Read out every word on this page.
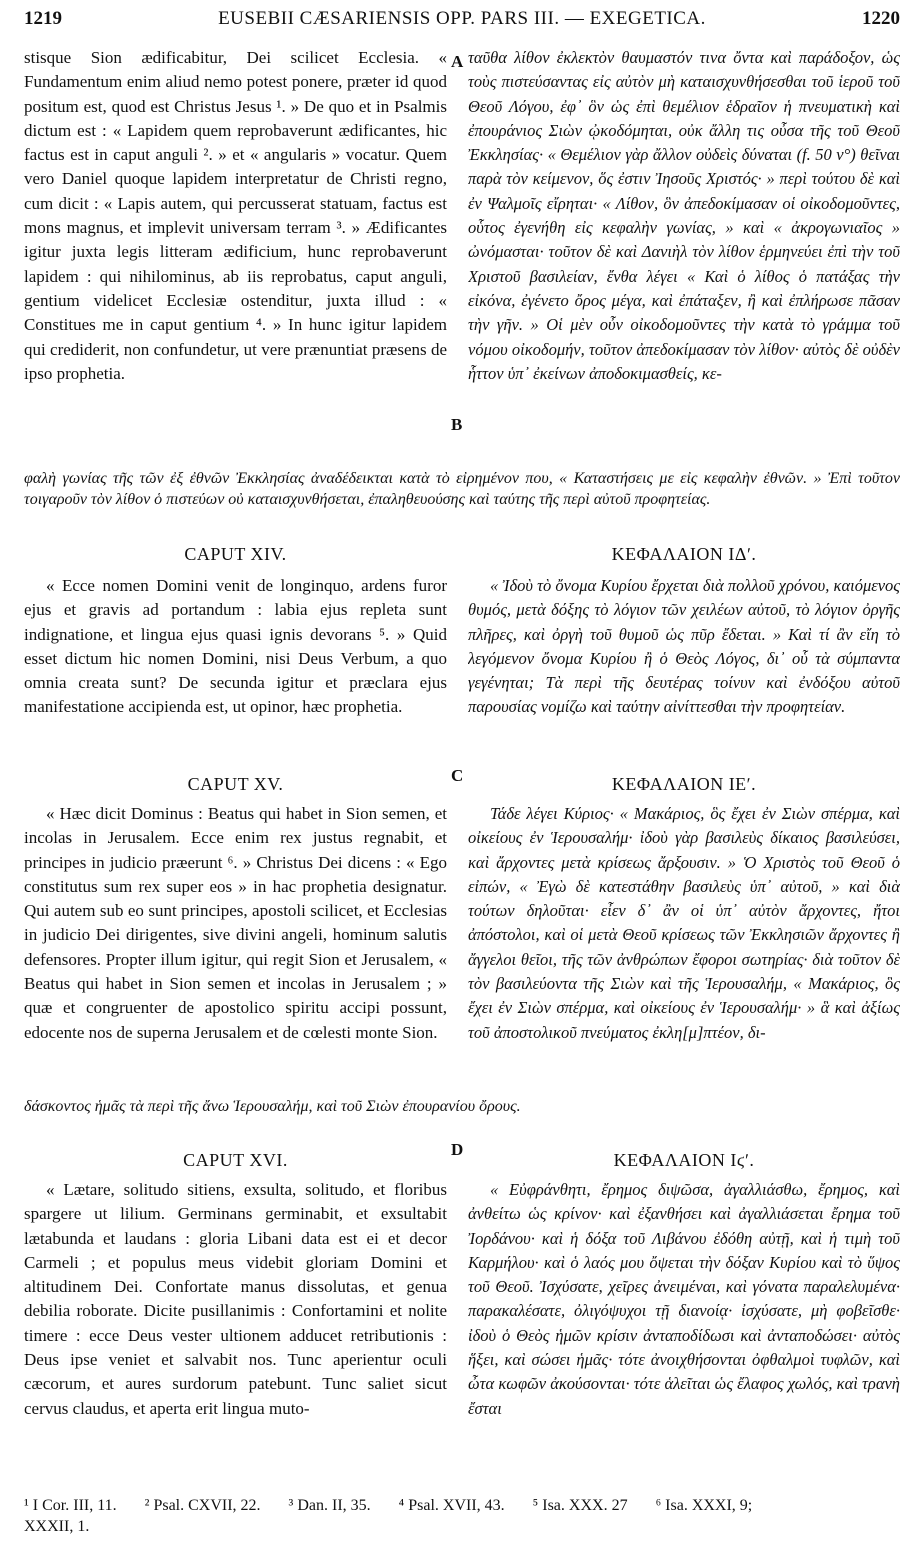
1219	EUSEBII CÆSARIENSIS OPP. PARS III. — EXEGETICA.	1220

stisque Sion ædificabitur, Dei scilicet Ecclesia. « Fundamentum enim aliud nemo potest ponere, præter id quod positum est, quod est Christus Jesus ¹. » De quo et in Psalmis dictum est : « Lapidem quem reprobaverunt ædificantes, hic factus est in caput anguli ². » et « angularis » vocatur. Quem vero Daniel quoque lapidem interpretatur de Christi regno, cum dicit : « Lapis autem, qui percusserat statuam, factus est mons magnus, et implevit universam terram ³. » Ædificantes igitur juxta legis litteram ædificium, hunc reprobaverunt lapidem : qui nihilominus, ab iis reprobatus, caput anguli, gentium videlicet Ecclesiæ ostenditur, juxta illud : « Constitues me in caput gentium ⁴. » In hunc igitur lapidem qui crediderit, non confundetur, ut vere prænuntiat præsens de ipso prophetia.

ταῦθα λίθον ἐκλεκτὸν θαυμαστόν τινα ὄντα καὶ παράδοξον, ὡς τοὺς πιστεύσαντας εἰς αὐτὸν μὴ καταισχυνθήσεσθαι τοῦ ἱεροῦ τοῦ Θεοῦ Λόγου, ἐφ᾽ ὃν ὡς ἐπὶ θεμέλιον ἑδραῖον ἡ πνευματικὴ καὶ ἐπουράνιος Σιὼν ᾠκοδόμηται, οὐκ ἄλλη τις οὖσα τῆς τοῦ Θεοῦ Ἐκκλησίας· « Θεμέλιον γὰρ ἄλλον οὐδεὶς δύναται (f. 50 v°) θεῖναι παρὰ τὸν κείμενον, ὅς ἐστιν Ἰησοῦς Χριστός· » περὶ τούτου δὲ καὶ ἐν Ψαλμοῖς εἴρηται· « Λίθον, ὃν ἀπεδοκίμασαν οἱ οἰκοδομοῦντες, οὗτος ἐγενήθη εἰς κεφαλὴν γωνίας, » καὶ « ἀκρογωνιαῖος » ὠνόμασται· τοῦτον δὲ καὶ Δανιὴλ τὸν λίθον ἑρμηνεύει ἐπὶ τὴν τοῦ Χριστοῦ βασιλείαν, ἔνθα λέγει « Καὶ ὁ λίθος ὁ πατάξας τὴν εἰκόνα, ἐγένετο ὄρος μέγα, καὶ ἐπάταξεν, ἢ καὶ ἐπλήρωσε πᾶσαν τὴν γῆν. » Οἱ μὲν οὖν οἰκοδομοῦντες τὴν κατὰ τὸ γράμμα τοῦ νόμου οἰκοδομήν, τοῦτον ἀπεδοκίμασαν τὸν λίθον· αὐτὸς δὲ οὐδὲν ἧττον ὑπ᾽ ἐκείνων ἀποδοκιμασθείς, κε-

φαλὴ γωνίας τῆς τῶν ἐξ ἐθνῶν Ἐκκλησίας ἀναδέδεικται κατὰ τὸ εἰρημένον που, « Καταστήσεις με εἰς κεφαλὴν ἐθνῶν. » Ἐπὶ τοῦτον τοιγαροῦν τὸν λίθον ὁ πιστεύων οὐ καταισχυνθήσεται, ἐπαληθευούσης καὶ ταύτης τῆς περὶ αὐτοῦ προφητείας.

CAPUT XIV.	ΚΕΦΑΛΑΙΟΝ ΙΔʹ.

« Ecce nomen Domini venit de longinquo, ardens furor ejus et gravis ad portandum : labia ejus repleta sunt indignatione, et lingua ejus quasi ignis devorans ⁵. » Quid esset dictum hic nomen Domini, nisi Deus Verbum, a quo omnia creata sunt? De secunda igitur et præclara ejus manifestatione accipienda est, ut opinor, hæc prophetia.

« Ἰδοὺ τὸ ὄνομα Κυρίου ἔρχεται διὰ πολλοῦ χρόνου, καιόμενος θυμός, μετὰ δόξης τὸ λόγιον τῶν χειλέων αὐτοῦ, τὸ λόγιον ὀργῆς πλῆρες, καὶ ὀργὴ τοῦ θυμοῦ ὡς πῦρ ἔδεται. » Καὶ τί ἂν εἴη τὸ λεγόμενον ὄνομα Κυρίου ἢ ὁ Θεὸς Λόγος, δι᾽ οὗ τὰ σύμπαντα γεγένηται; Τὰ περὶ τῆς δευτέρας τοίνυν καὶ ἐνδόξου αὐτοῦ παρουσίας νομίζω καὶ ταύτην αἰνίττεσθαι τὴν προφητείαν.

CAPUT XV.	ΚΕΦΑΛΑΙΟΝ ΙΕʹ.

« Hæc dicit Dominus : Beatus qui habet in Sion semen, et incolas in Jerusalem. Ecce enim rex justus regnabit, et principes in judicio præerunt ⁶. » Christus Dei dicens : « Ego constitutus sum rex super eos » in hac prophetia designatur. Qui autem sub eo sunt principes, apostoli scilicet, et Ecclesias in judicio Dei dirigentes, sive divini angeli, hominum salutis defensores. Propter illum igitur, qui regit Sion et Jerusalem, « Beatus qui habet in Sion semen et incolas in Jerusalem ; » quæ et congruenter de apostolico spiritu accipi possunt, edocente nos de superna Jerusalem et de cœlesti monte Sion.

Τάδε λέγει Κύριος· « Μακάριος, ὃς ἔχει ἐν Σιὼν σπέρμα, καὶ οἰκείους ἐν Ἱερουσαλήμ· ἰδοὺ γὰρ βασιλεὺς δίκαιος βασιλεύσει, καὶ ἄρχοντες μετὰ κρίσεως ἄρξουσιν. » Ὁ Χριστὸς τοῦ Θεοῦ ὁ εἰπών, « Ἐγὼ δὲ κατεστάθην βασιλεὺς ὑπ᾽ αὐτοῦ, » καὶ διὰ τούτων δηλοῦται· εἶεν δ᾽ ἂν οἱ ὑπ᾽ αὐτὸν ἄρχοντες, ἤτοι ἀπόστολοι, καὶ οἱ μετὰ Θεοῦ κρίσεως τῶν Ἐκκλησιῶν ἄρχοντες ἢ ἄγγελοι θεῖοι, τῆς τῶν ἀνθρώπων ἔφοροι σωτηρίας· διὰ τοῦτον δὲ τὸν βασιλεύοντα τῆς Σιὼν καὶ τῆς Ἱερουσαλήμ, « Μακάριος, ὃς ἔχει ἐν Σιὼν σπέρμα, καὶ οἰκείους ἐν Ἱερουσαλήμ· » ἃ καὶ ἀξίως τοῦ ἀποστολικοῦ πνεύματος ἐκλη[μ]πτέον, δι-

δάσκοντος ἡμᾶς τὰ περὶ τῆς ἄνω Ἱερουσαλήμ, καὶ τοῦ Σιὼν ἐπουρανίου ὄρους.

CAPUT XVI.	ΚΕΦΑΛΑΙΟΝ Ιϛʹ.

« Lætare, solitudo sitiens, exsulta, solitudo, et floribus spargere ut lilium. Germinans germinabit, et exsultabit lætabunda et laudans : gloria Libani data est ei et decor Carmeli ; et populus meus videbit gloriam Domini et altitudinem Dei. Confortate manus dissolutas, et genua debilia roborate. Dicite pusillanimis : Confortamini et nolite timere : ecce Deus vester ultionem adducet retributionis : Deus ipse veniet et salvabit nos. Tunc aperientur oculi cæcorum, et aures surdorum patebunt. Tunc saliet sicut cervus claudus, et aperta erit lingua muto-

« Εὐφράνθητι, ἔρημος διψῶσα, ἀγαλλιάσθω, ἔρημος, καὶ ἀνθείτω ὡς κρίνον· καὶ ἐξανθήσει καὶ ἀγαλλιάσεται ἔρημα τοῦ Ἰορδάνου· καὶ ἡ δόξα τοῦ Λιβάνου ἐδόθη αὐτῇ, καὶ ἡ τιμὴ τοῦ Καρμήλου· καὶ ὁ λαός μου ὄψεται τὴν δόξαν Κυρίου καὶ τὸ ὕψος τοῦ Θεοῦ. Ἰσχύσατε, χεῖρες ἀνειμέναι, καὶ γόνατα παραλελυμένα· παρακαλέσατε, ὀλιγόψυχοι τῇ διανοίᾳ· ἰσχύσατε, μὴ φοβεῖσθε· ἰδοὺ ὁ Θεὸς ἡμῶν κρίσιν ἀνταποδίδωσι καὶ ἀνταποδώσει· αὐτὸς ἥξει, καὶ σώσει ἡμᾶς· τότε ἀνοιχθήσονται ὀφθαλμοὶ τυφλῶν, καὶ ὦτα κωφῶν ἀκούσονται· τότε ἁλεῖται ὡς ἔλαφος χωλός, καὶ τρανὴ ἔσται

A
B
C
D
¹ I Cor. III, 11. ² Psal. CXVII, 22. ³ Dan. II, 35. ⁴ Psal. XVII, 43. ⁵ Isa. XXX. 27 ⁶ Isa. XXXI, 9;
XXXII, 1.
